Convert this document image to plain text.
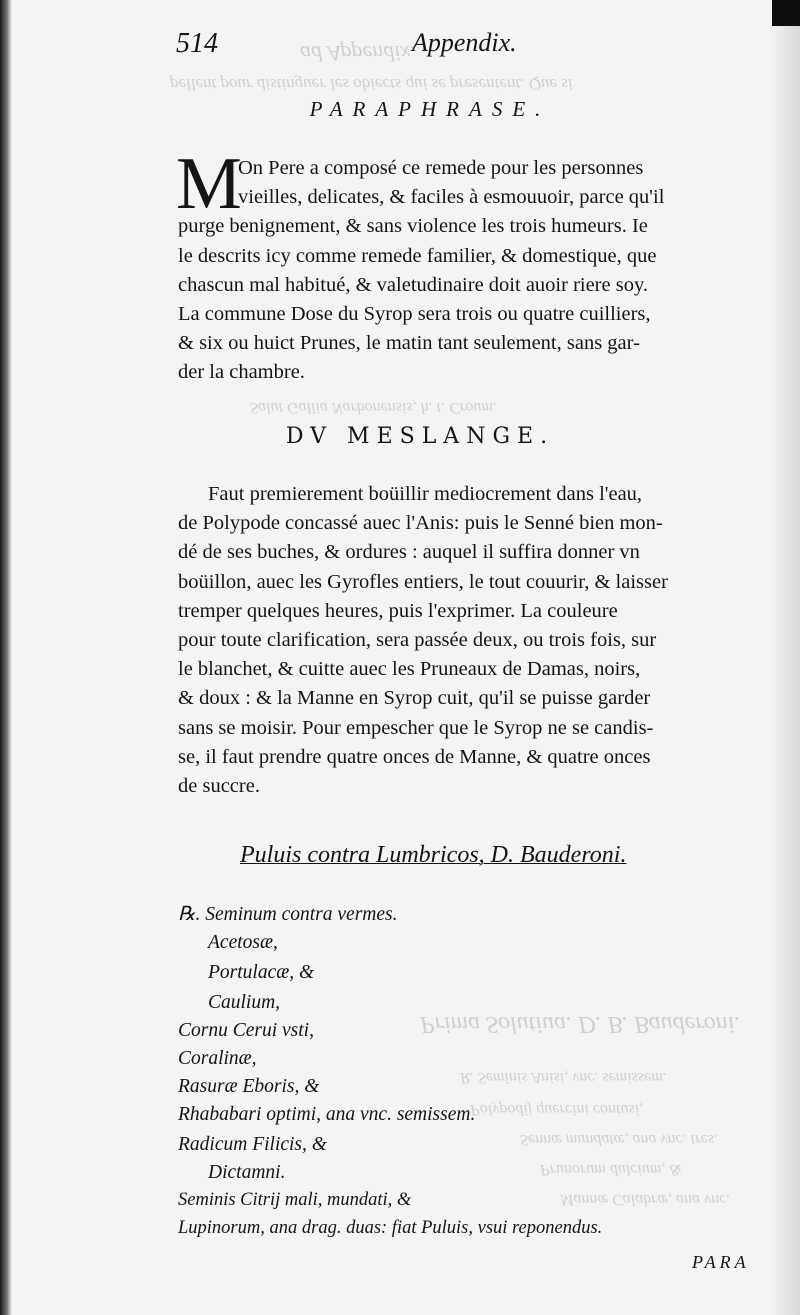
ad Appendix.
pellent pour distinguer les obiects qui se presentent. Que si
Salut Gallia Narbonensis, h. t. Croum.
Prima Solutiua. D. B. Bauderoni.
R. Seminis Anisi, vnc. semissem.
Polypodij quercini contusi,
Sennæ mundatæ, ana vnc. tres.
Prunorum dulcium, &
Mannæ Calabræ, ana vnc.
514	Appendix.
PARAPHRASE.
M
On Pere a composé ce remede pour les personnes
vieilles, delicates, & faciles à esmouuoir, parce qu'il
purge benignement, & sans violence les trois humeurs. Ie
le descrits icy comme remede familier, & domestique, que
chascun mal habitué, & valetudinaire doit auoir riere soy.
La commune Dose du Syrop sera trois ou quatre cuilliers,
& six ou huict Prunes, le matin tant seulement, sans gar-
der la chambre.
DV MESLANGE.
Faut premierement boüillir mediocrement dans l'eau,
de Polypode concassé auec l'Anis: puis le Senné bien mon-
dé de ses buches, & ordures : auquel il suffira donner vn
boüillon, auec les Gyrofles entiers, le tout couurir, & laisser
tremper quelques heures, puis l'exprimer. La couleure
pour toute clarification, sera passée deux, ou trois fois, sur
le blanchet, & cuitte auec les Pruneaux de Damas, noirs,
& doux : & la Manne en Syrop cuit, qu'il se puisse garder
sans se moisir. Pour empescher que le Syrop ne se candis-
se, il faut prendre quatre onces de Manne, & quatre onces
de succre.
Puluis contra Lumbricos, D. Bauderoni.
℞. Seminum contra vermes.
Acetosæ,
Portulacæ, &
Caulium,
Cornu Cerui vsti,
Coralinæ,
Rasuræ Eboris, &
Rhababari optimi, ana vnc. semissem.
Radicum Filicis, &
Dictamni.
Seminis Citrij mali, mundati, &
Lupinorum, ana drag. duas: fiat Puluis, vsui reponendus.
PARA
